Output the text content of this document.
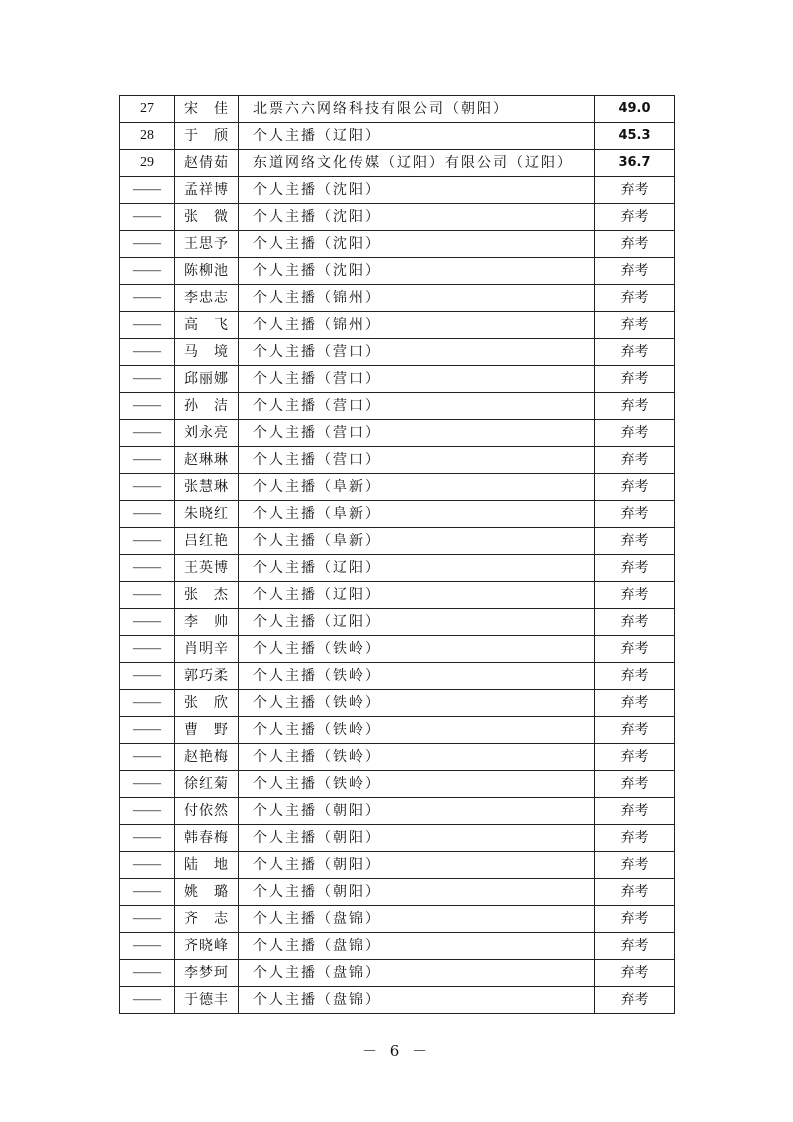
27	宋　佳	北票六六网络科技有限公司（朝阳）	49.0
28	于　颀	个人主播（辽阳）	45.3
29	赵倩茹	东道网络文化传媒（辽阳）有限公司（辽阳）	36.7
——	孟祥博	个人主播（沈阳）	弃考
——	张　微	个人主播（沈阳）	弃考
——	王思予	个人主播（沈阳）	弃考
——	陈柳池	个人主播（沈阳）	弃考
——	李忠志	个人主播（锦州）	弃考
——	高　飞	个人主播（锦州）	弃考
——	马　境	个人主播（营口）	弃考
——	邱丽娜	个人主播（营口）	弃考
——	孙　洁	个人主播（营口）	弃考
——	刘永亮	个人主播（营口）	弃考
——	赵琳琳	个人主播（营口）	弃考
——	张慧琳	个人主播（阜新）	弃考
——	朱晓红	个人主播（阜新）	弃考
——	吕红艳	个人主播（阜新）	弃考
——	王英博	个人主播（辽阳）	弃考
——	张　杰	个人主播（辽阳）	弃考
——	李　帅	个人主播（辽阳）	弃考
——	肖明辛	个人主播（铁岭）	弃考
——	郭巧柔	个人主播（铁岭）	弃考
——	张　欣	个人主播（铁岭）	弃考
——	曹　野	个人主播（铁岭）	弃考
——	赵艳梅	个人主播（铁岭）	弃考
——	徐红菊	个人主播（铁岭）	弃考
——	付依然	个人主播（朝阳）	弃考
——	韩春梅	个人主播（朝阳）	弃考
——	陆　地	个人主播（朝阳）	弃考
——	姚　璐	个人主播（朝阳）	弃考
——	齐　志	个人主播（盘锦）	弃考
——	齐晓峰	个人主播（盘锦）	弃考
——	李梦珂	个人主播（盘锦）	弃考
——	于德丰	个人主播（盘锦）	弃考
－ 6 －
